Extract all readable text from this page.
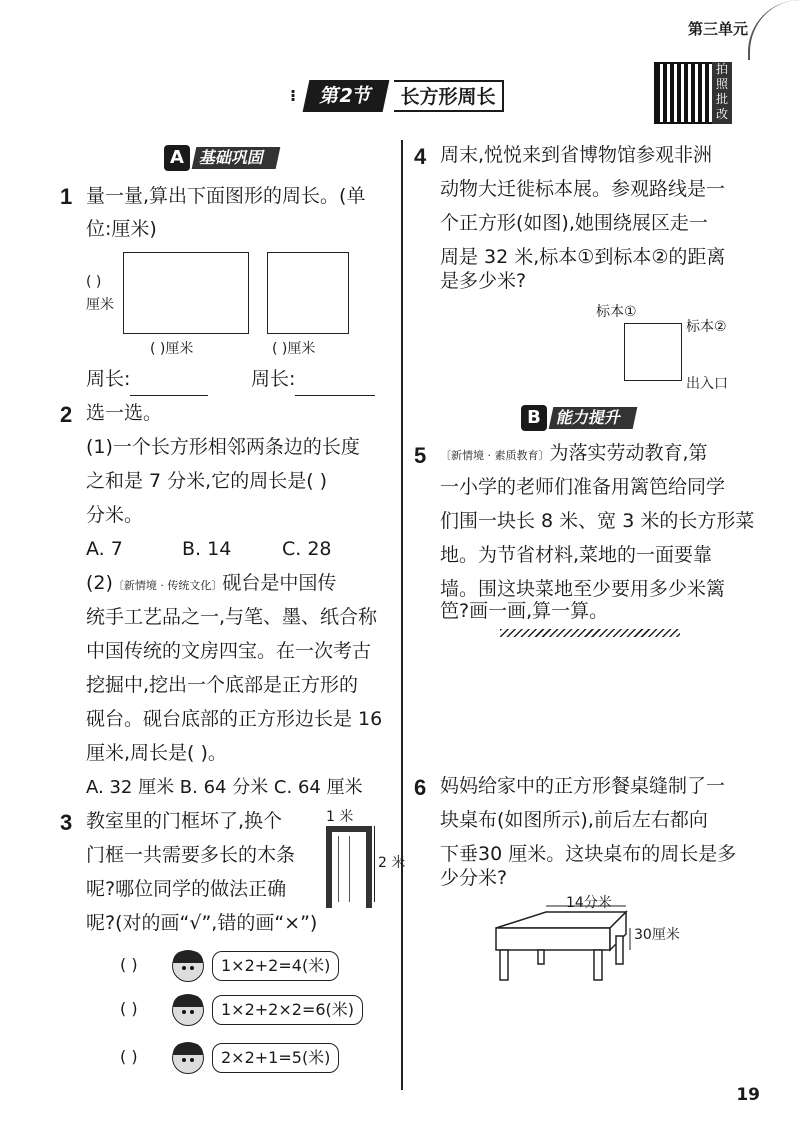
第三单元
⁝	第2节	长方形周长
拍照批改
A 基础巩固
1 量一量,算出下面图形的周长。(单
位:厘米)
( )
厘米
( )厘米	( )厘米
周长:	周长:
2 选一选。
(1)一个长方形相邻两条边的长度
之和是 7 分米,它的周长是( )
分米。
A. 7	B. 14	C. 28
(2)〔新情境 · 传统文化〕砚台是中国传
统手工艺品之一,与笔、墨、纸合称
中国传统的文房四宝。在一次考古
挖掘中,挖出一个底部是正方形的
砚台。砚台底部的正方形边长是 16
厘米,周长是( )。
A. 32 厘米 B. 64 分米 C. 64 厘米
3 教室里的门框坏了,换个
门框一共需要多长的木条
呢?哪位同学的做法正确
呢?(对的画“√”,错的画“×”)
1 米
2 米
( )	1×2+2=4(米)
( )	1×2+2×2=6(米)
( )	2×2+1=5(米)
4 周末,悦悦来到省博物馆参观非洲
动物大迁徙标本展。参观路线是一
个正方形(如图),她围绕展区走一
周是 32 米,标本①到标本②的距离
是多少米?
标本①
标本②
出入口
B 能力提升
5 〔新情境 · 素质教育〕为落实劳动教育,第
一小学的老师们准备用篱笆给同学
们围一块长 8 米、宽 3 米的长方形菜
地。为节省材料,菜地的一面要靠
墙。围这块菜地至少要用多少米篱
笆?画一画,算一算。
6 妈妈给家中的正方形餐桌缝制了一
块桌布(如图所示),前后左右都向
下垂30 厘米。这块桌布的周长是多
少分米?
14分米
30厘米
19
